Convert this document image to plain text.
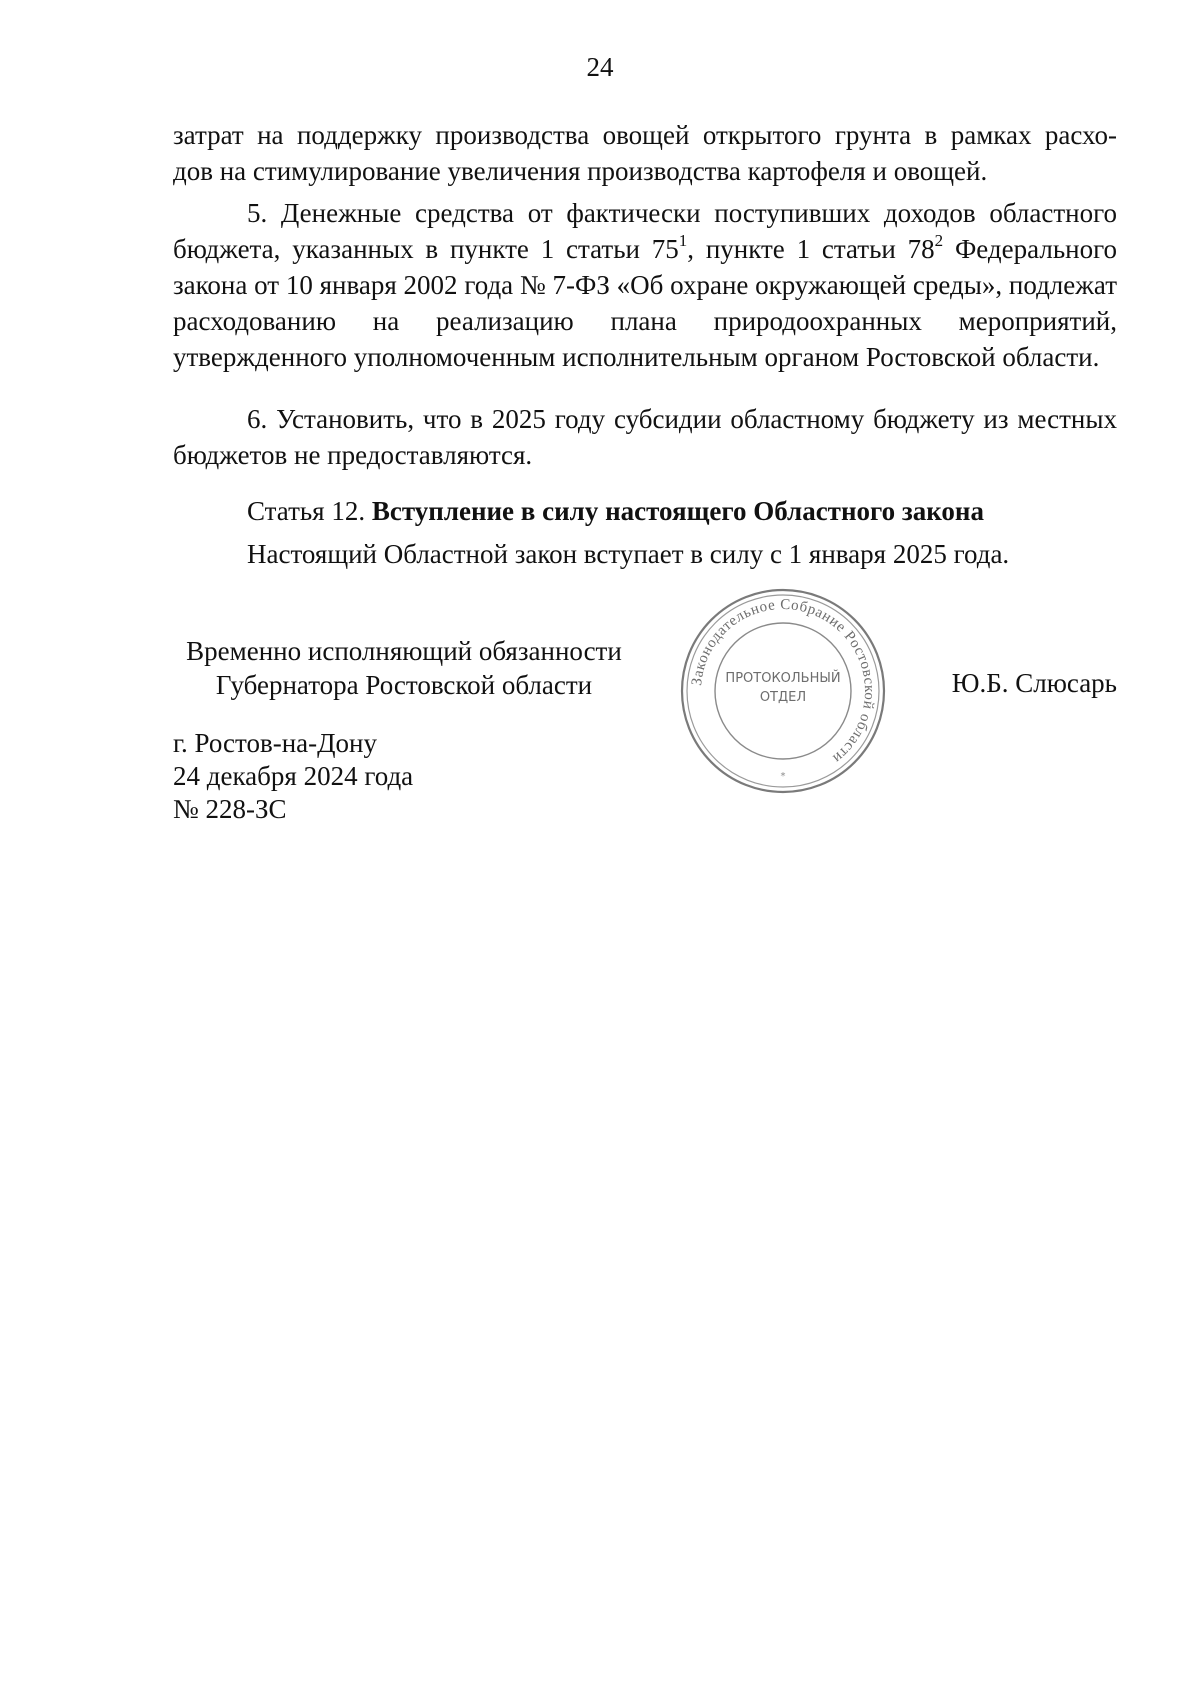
24
затрат на поддержку производства овощей открытого грунта в рамках расхо-
дов на стимулирование увеличения производства картофеля и овощей.

5. Денежные средства от фактически поступивших доходов областного бюджета, указанных в пункте 1 статьи $75^1$, пункте 1 статьи $78^2$ Федерального закона от 10 января 2002 года № 7-ФЗ «Об охране окружающей среды», подлежат расходованию на реализацию плана природоохранных мероприятий, утвержденного уполномоченным исполнительным органом Ростовской области.

6. Установить, что в 2025 году субсидии областному бюджету из местных бюджетов не предоставляются.

Статья 12. Вступление в силу настоящего Областного закона
Настоящий Областной закон вступает в силу с 1 января 2025 года.
Временно исполняющий обязанности
Губернатора Ростовской области	Законодательное Собрание Ростовской области
ПРОТОКОЛЬНЫЙ
ОТДЕЛ
*
Ю.Б. Слюсарь
г. Ростов-на-Дону
24 декабря 2024 года
№ 228-ЗС
